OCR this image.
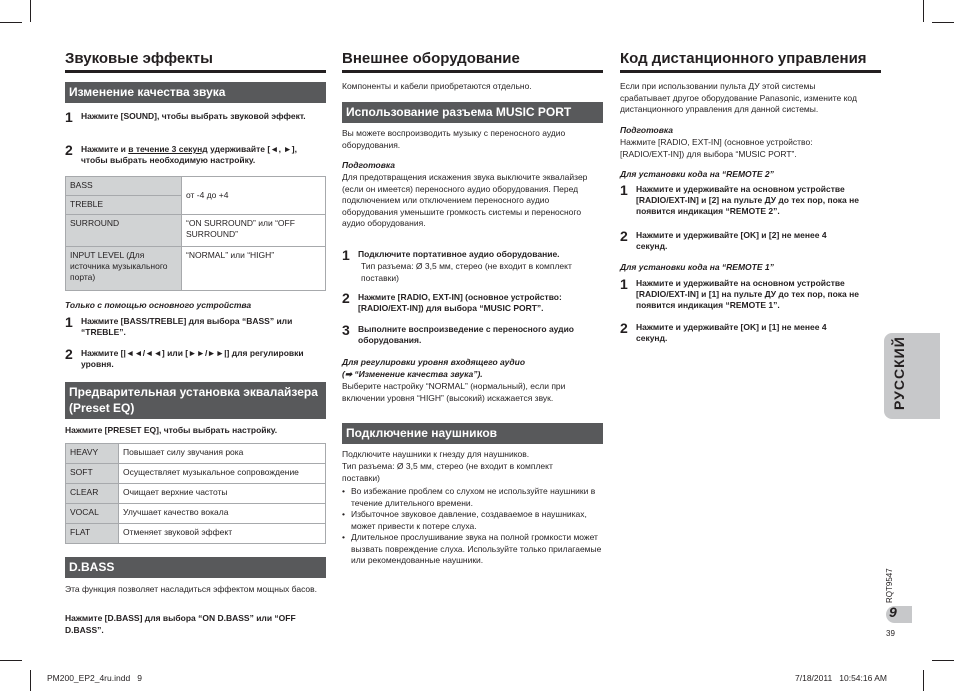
Звуковые эффекты
Изменение качества звука
1 Нажмите [SOUND], чтобы выбрать звуковой эффект.
2 Нажмите и в течение 3 секунд удерживайте [◄, ►], чтобы выбрать необходимую настройку.
BASS	от -4 до +4
TREBLE	
SURROUND	“ON SURROUND” или “OFF SURROUND”
INPUT LEVEL (Для источника музыкального порта)	“NORMAL” или “HIGH”
Только с помощью основного устройства
1 Нажмите [BASS/TREBLE] для выбора “BASS” или “TREBLE”.
2 Нажмите [|◄◄/◄◄] или [►►/►►|] для регулировки уровня.
Предварительная установка эквалайзера (Preset EQ)
Нажмите [PRESET EQ], чтобы выбрать настройку.
HEAVY	Повышает силу звучания рока
SOFT	Осуществляет музыкальное сопровождение
CLEAR	Очищает верхние частоты
VOCAL	Улучшает качество вокала
FLAT	Отменяет звуковой эффект
D.BASS
Эта функция позволяет насладиться эффектом мощных басов.
Нажмите [D.BASS] для выбора “ON D.BASS” или “OFF D.BASS”.
Внешнее оборудование
Компоненты и кабели приобретаются отдельно.
Использование разъема MUSIC PORT
Вы можете воспроизводить музыку с переносного аудио оборудования.
Подготовка
Для предотвращения искажения звука выключите эквалайзер (если он имеется) переносного аудио оборудования. Перед подключением или отключением переносного аудио оборудования уменьшите громкость системы и переносного аудио оборудования.
1 Подключите портативное аудио оборудование.
Тип разъема: Ø 3,5 мм, стерео (не входит в комплект поставки)
2 Нажмите [RADIO, EXT-IN] (основное устройство: [RADIO/EXT-IN]) для выбора “MUSIC PORT”.
3 Выполните воспроизведение с переносного аудио оборудования.
Для регулировки уровня входящего аудио
(➡ “Изменение качества звука”).
Выберите настройку “NORMAL” (нормальный), если при включении уровня “HIGH” (высокий) искажается звук.
Подключение наушников
Подключите наушники к гнезду для наушников.
Тип разъема: Ø 3,5 мм, стерео (не входит в комплект поставки)
• Во избежание проблем со слухом не используйте наушники в течение длительного времени.
• Избыточное звуковое давление, создаваемое в наушниках, может привести к потере слуха.
• Длительное прослушивание звука на полной громкости может вызвать повреждение слуха. Используйте только прилагаемые или рекомендованные наушники.
Код дистанционного управления
Если при использовании пульта ДУ этой системы срабатывает другое оборудование Panasonic, измените код дистанционного управления для данной системы.
Подготовка
Нажмите [RADIO, EXT-IN] (основное устройство: [RADIO/EXT-IN]) для выбора “MUSIC PORT”.
Для установки кода на “REMOTE 2”
1 Нажмите и удерживайте на основном устройстве [RADIO/EXT-IN] и [2] на пульте ДУ до тех пор, пока не появится индикация “REMOTE 2”.
2 Нажмите и удерживайте [OK] и [2] не менее 4 секунд.
Для установки кода на “REMOTE 1”
1 Нажмите и удерживайте на основном устройстве [RADIO/EXT-IN] и [1] на пульте ДУ до тех пор, пока не появится индикация “REMOTE 1”.
2 Нажмите и удерживайте [OK] и [1] не менее 4 секунд.	РУССКИЙ
RQT9547
9
39
PM200_EP2_4ru.indd   9	7/18/2011   10:54:16 AM
